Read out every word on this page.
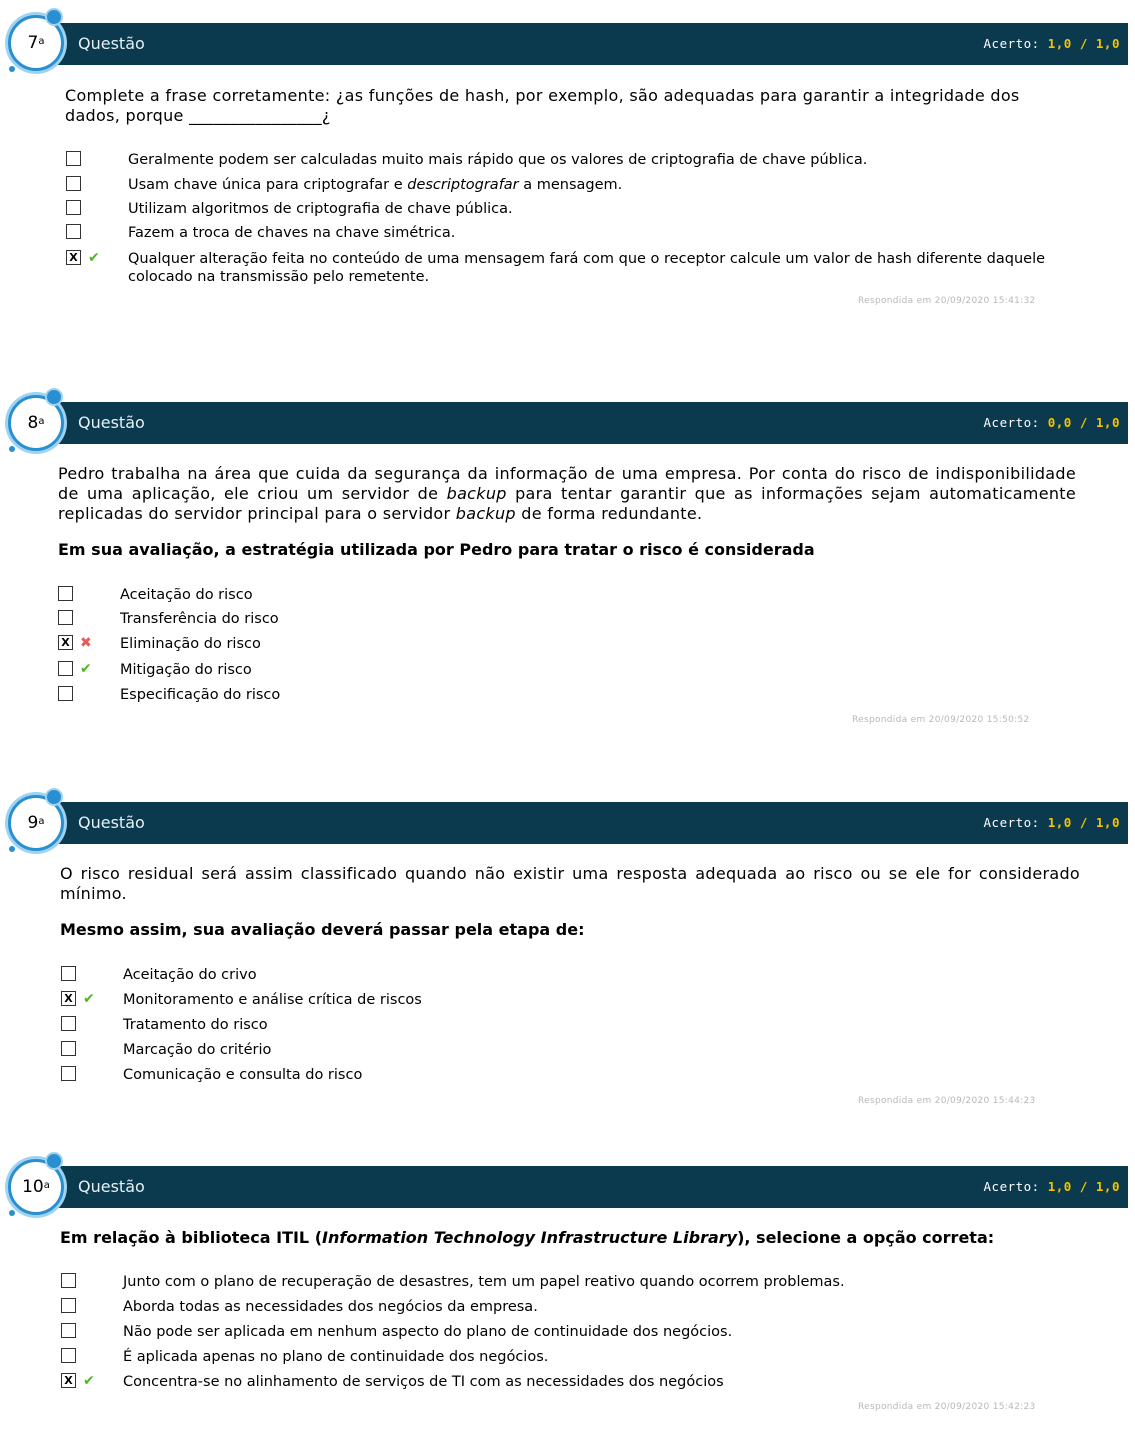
Questão	Acerto: 1,0 / 1,0
7$^a$
Complete a frase corretamente: ¿as funções de hash, por exemplo, são adequadas para garantir a integridade dos dados, porque ________________¿
Geralmente podem ser calculadas muito mais rápido que os valores de criptografia de chave pública.
Usam chave única para criptografar e descriptografar a mensagem.
Utilizam algoritmos de criptografia de chave pública.
Fazem a troca de chaves na chave simétrica.
X ✔ Qualquer alteração feita no conteúdo de uma mensagem fará com que o receptor calcule um valor de hash diferente daquele colocado na transmissão pelo remetente.
Respondida em 20/09/2020 15:41:32
Questão	Acerto: 0,0 / 1,0
8$^a$
Pedro trabalha na área que cuida da segurança da informação de uma empresa. Por conta do risco de indisponibilidade de uma aplicação, ele criou um servidor de backup para tentar garantir que as informações sejam automaticamente replicadas do servidor principal para o servidor backup de forma redundante.
Em sua avaliação, a estratégia utilizada por Pedro para tratar o risco é considerada
Aceitação do risco
Transferência do risco
X ✖ Eliminação do risco
✔ Mitigação do risco
Especificação do risco
Respondida em 20/09/2020 15:50:52
Questão	Acerto: 1,0 / 1,0
9$^a$
O risco residual será assim classificado quando não existir uma resposta adequada ao risco ou se ele for considerado mínimo.
Mesmo assim, sua avaliação deverá passar pela etapa de:
Aceitação do crivo
X ✔ Monitoramento e análise crítica de riscos
Tratamento do risco
Marcação do critério
Comunicação e consulta do risco
Respondida em 20/09/2020 15:44:23
Questão	Acerto: 1,0 / 1,0
10$^a$
Em relação à biblioteca ITIL (Information Technology Infrastructure Library), selecione a opção correta:
Junto com o plano de recuperação de desastres, tem um papel reativo quando ocorrem problemas.
Aborda todas as necessidades dos negócios da empresa.
Não pode ser aplicada em nenhum aspecto do plano de continuidade dos negócios.
É aplicada apenas no plano de continuidade dos negócios.
X ✔ Concentra-se no alinhamento de serviços de TI com as necessidades dos negócios
Respondida em 20/09/2020 15:42:23
